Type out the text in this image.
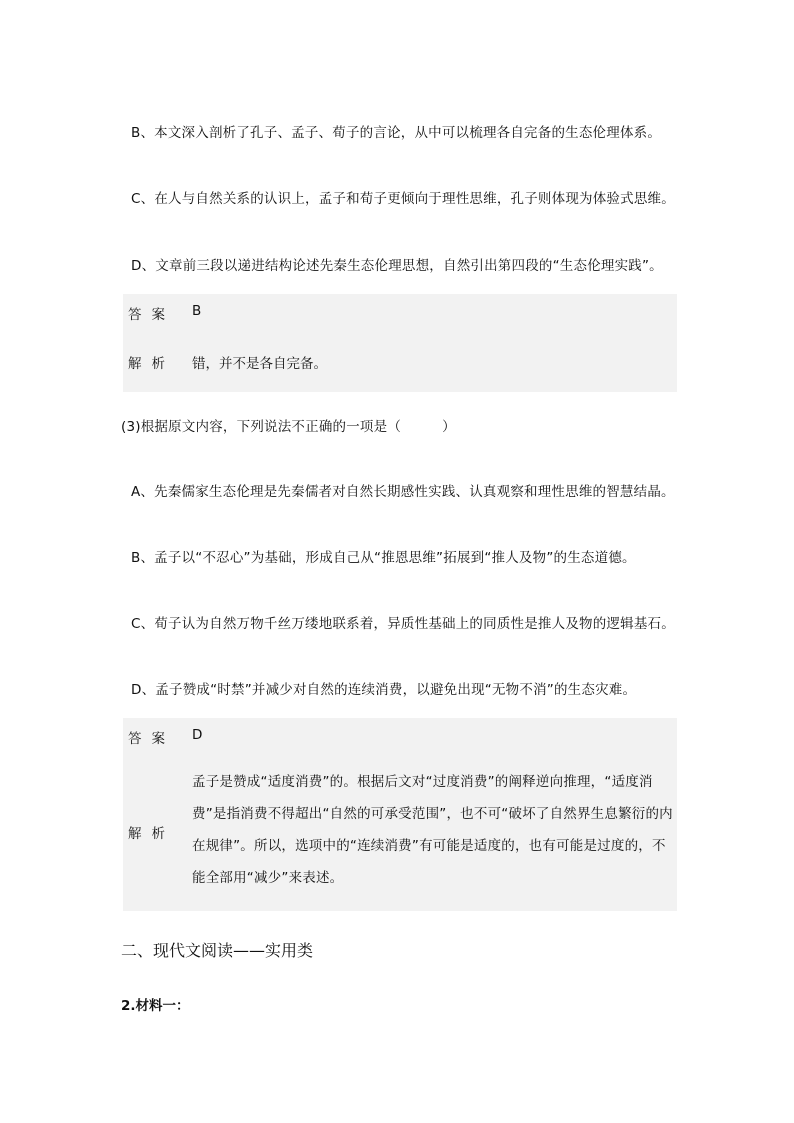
B、本文深入剖析了孔子、孟子、荀子的言论，从中可以梳理各自完备的生态伦理体系。
C、在人与自然关系的认识上，孟子和荀子更倾向于理性思维，孔子则体现为体验式思维。
D、文章前三段以递进结构论述先秦生态伦理思想，自然引出第四段的“生态伦理实践”。
答案 B
解析 错，并不是各自完备。
(3)根据原文内容，下列说法不正确的一项是（　　　）
A、先秦儒家生态伦理是先秦儒者对自然长期感性实践、认真观察和理性思维的智慧结晶。
B、孟子以“不忍心”为基础，形成自己从“推恩思维”拓展到“推人及物”的生态道德。
C、荀子认为自然万物千丝万缕地联系着，异质性基础上的同质性是推人及物的逻辑基石。
D、孟子赞成“时禁”并减少对自然的连续消费，以避免出现“无物不消”的生态灾难。
答案 D
解析
孟子是赞成“适度消费”的。根据后文对“过度消费”的阐释逆向推理，“适度消费”是指消费不得超出“自然的可承受范围”，也不可“破坏了自然界生息繁衍的内在规律”。所以，选项中的“连续消费”有可能是适度的，也有可能是过度的，不能全部用“减少”来表述。
二、现代文阅读——实用类
2.材料一：
